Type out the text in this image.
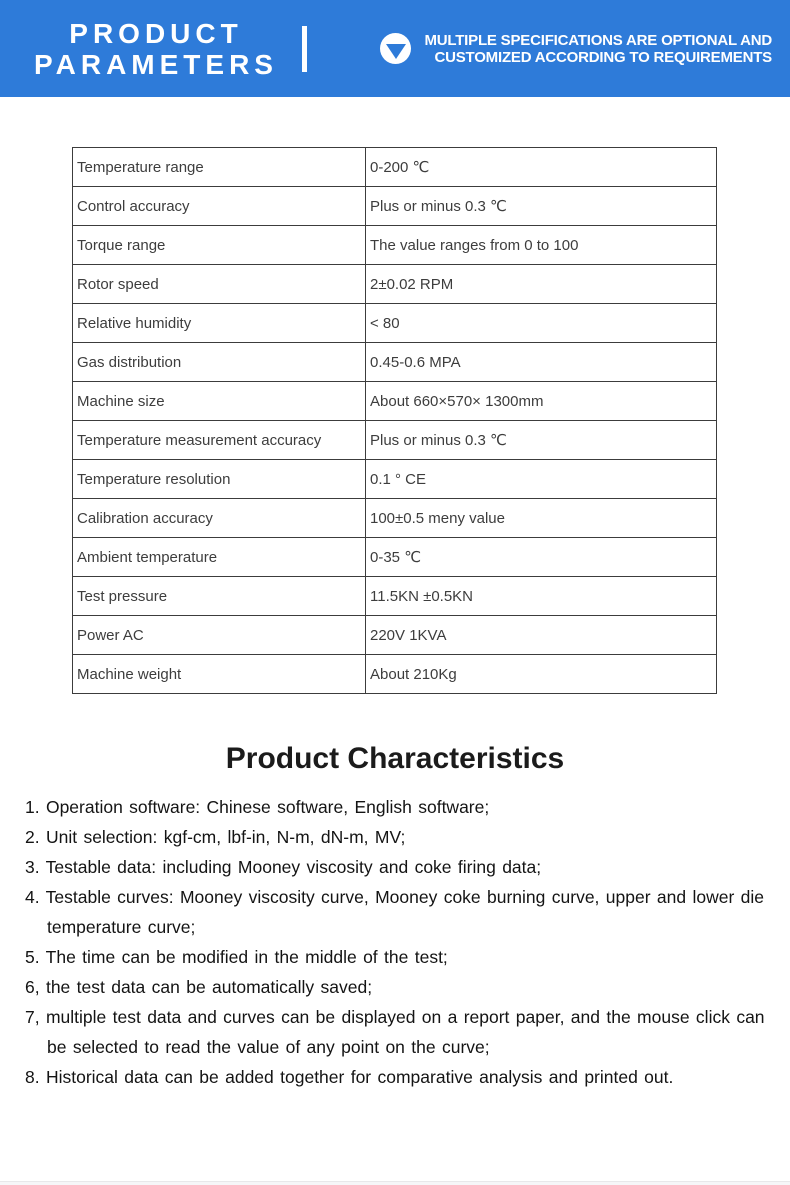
PRODUCT
PARAMETERS
MULTIPLE SPECIFICATIONS ARE OPTIONAL AND
CUSTOMIZED ACCORDING TO REQUIREMENTS
Temperature range	0-200 ℃
Control accuracy	Plus or minus 0.3 ℃
Torque range	The value ranges from 0 to 100
Rotor speed	2±0.02 RPM
Relative humidity	< 80
Gas distribution	0.45-0.6 MPA
Machine size	About 660×570× 1300mm
Temperature measurement accuracy	Plus or minus 0.3 ℃
Temperature resolution	0.1 ° CE
Calibration accuracy	100±0.5 meny value
Ambient temperature	0-35 ℃
Test pressure	11.5KN ±0.5KN
Power AC	220V 1KVA
Machine weight	About 210Kg
Product Characteristics
1. Operation software: Chinese software, English software;
2. Unit selection: kgf-cm, lbf-in, N-m, dN-m, MV;
3. Testable data: including Mooney viscosity and coke firing data;
4. Testable curves: Mooney viscosity curve, Mooney coke burning curve, upper and lower die temperature curve;
5. The time can be modified in the middle of the test;
6, the test data can be automatically saved;
7, multiple test data and curves can be displayed on a report paper, and the mouse click can be selected to read the value of any point on the curve;
8. Historical data can be added together for comparative analysis and printed out.
